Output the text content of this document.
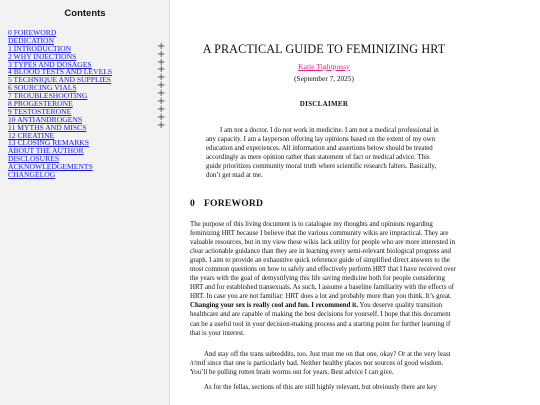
Contents
0 FOREWORD
DEDICATION
1 INTRODUCTION	+
2 WHY INJECTIONS	+
3 TYPES AND DOSAGES	+
4 BLOOD TESTS AND LEVELS	+
5 TECHNIQUE AND SUPPLIES	+
6 SOURCING VIALS	+
7 TROUBLESHOOTING	+
8 PROGESTERONE	+
9 TESTOSTERONE	+
10 ANTIANDROGENS	+
11 MYTHS AND MISCS	+
12 CREATINE
13 CLOSING REMARKS
ABOUT THE AUTHOR
DISCLOSURES
ACKNOWLEDGEMENTS
CHANGELOG
A PRACTICAL GUIDE TO FEMINIZING HRT
Katie Tightpussy
(September 7, 2025)
DISCLAIMER
I am not a doctor. I do not work in medicine. I am not a medical professional in any capacity. I am a layperson offering lay opinions based on the extent of my own education and experiences. All information and assertions below should be treated accordingly as mere opinion rather than statement of fact or medical advice. This guide prioritizes community moral truth where scientific research falters. Basically, don’t get mad at me.
0 FOREWORD
The purpose of this living document is to catalogue my thoughts and opinions regarding feminizing HRT because I believe that the various community wikis are impractical. They are valuable resources, but in my view these wikis lack utility for people who are more interested in clear actionable guidance than they are in learning every semi-relevant biological progress and graph. I aim to provide an exhaustive quick reference guide of simplified direct answers to the most common questions on how to safely and effectively perform HRT that I have received over the years with the goal of demystifying this life saving medicine both for people considering HRT and for established transexuals. As such, I assume a baseline familiarity with the effects of HRT. In case you are not familiar: HRT does a lot and probably more than you think. It’s great. Changing your sex is really cool and fun. I recommend it. You deserve quality transition healthcare and are capable of making the best decisions for yourself. I hope that this document can be a useful tool in your decision-making process and a starting point for further learning if that is your interest.
And stay off the trans subreddits, too. Just trust me on that one, okay? Or at the very least /r/mtf since that one is particularly bad. Neither healthy places nor sources of good wisdom. You’ll be pulling rotten brain worms out for years. Best advice I can give.
As for the fellas, sections of this are still highly relevant, but obviously there are key
